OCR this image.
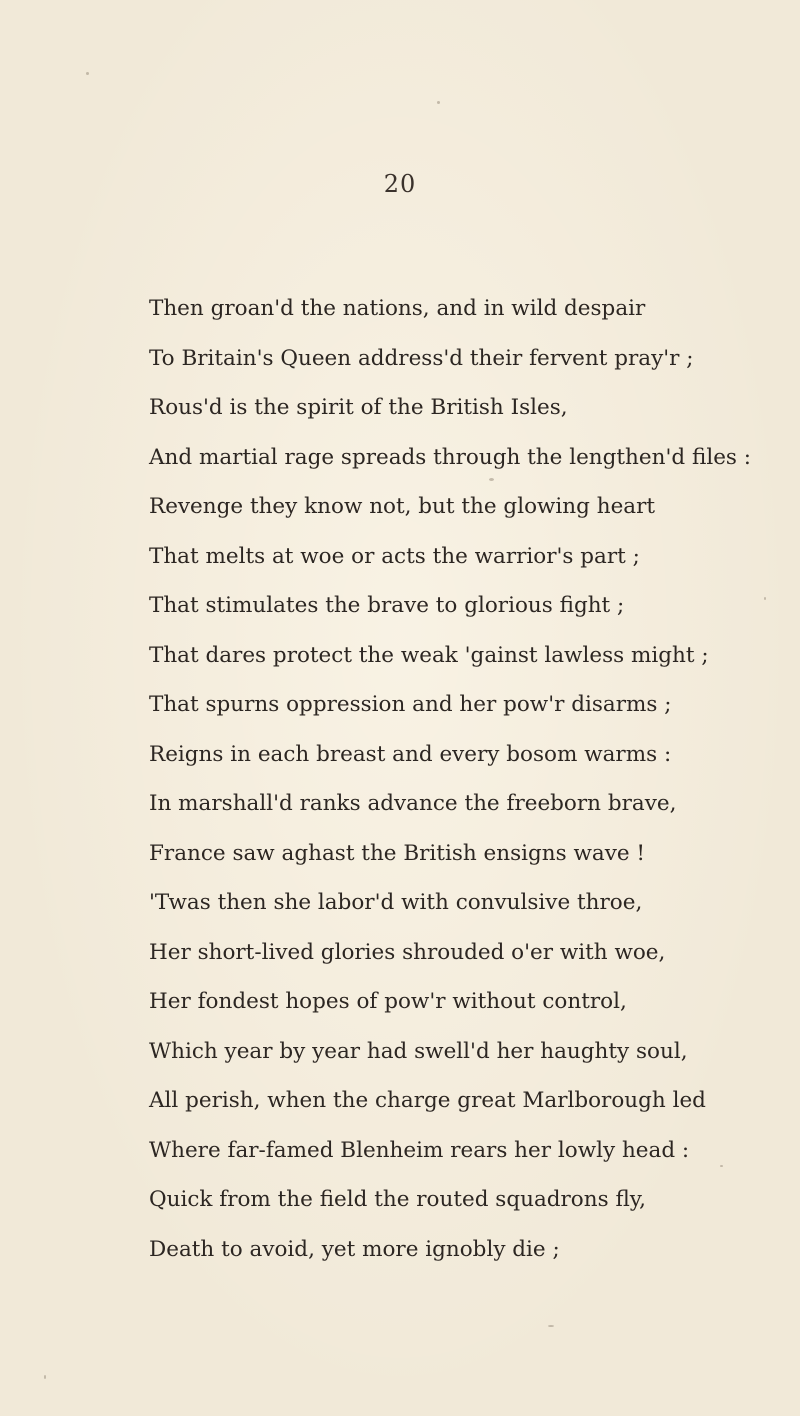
20
Then groan'd the nations, and in wild despair
To Britain's Queen address'd their fervent pray'r ;
Rous'd is the spirit of the British Isles,
And martial rage spreads through the lengthen'd files :
Revenge they know not, but the glowing heart
That melts at woe or acts the warrior's part ;
That stimulates the brave to glorious fight ;
That dares protect the weak 'gainst lawless might ;
That spurns oppression and her pow'r disarms ;
Reigns in each breast and every bosom warms :
In marshall'd ranks advance the freeborn brave,
France saw aghast the British ensigns wave !
'Twas then she labor'd with convulsive throe,
Her short-lived glories shrouded o'er with woe,
Her fondest hopes of pow'r without control,
Which year by year had swell'd her haughty soul,
All perish, when the charge great Marlborough led
Where far-famed Blenheim rears her lowly head :
Quick from the field the routed squadrons fly,
Death to avoid, yet more ignobly die ;
